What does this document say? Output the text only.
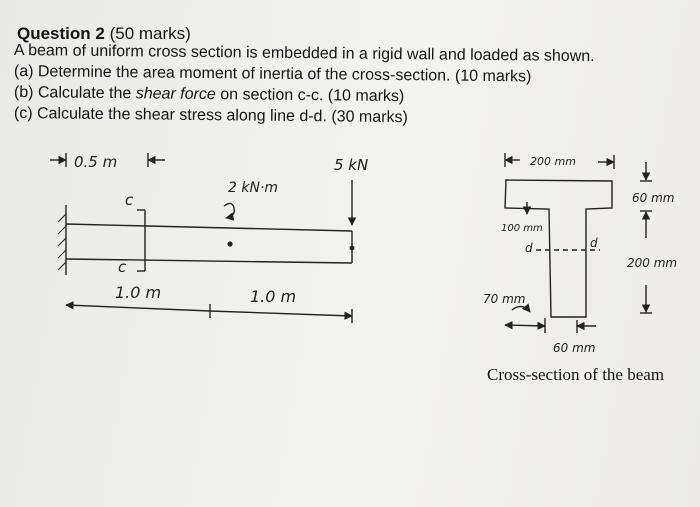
Question 2 (50 marks)
A beam of uniform cross section is embedded in a rigid wall and loaded as shown.
(a) Determine the area moment of inertia of the cross-section. (10 marks)
(b) Calculate the shear force on section c-c. (10 marks)
(c) Calculate the shear stress along line d-d. (30 marks)
0.5 m
c
c
2 kN·m
5 kN
1.0 m	1.0 m
200 mm
60 mm
200 mm
100 mm
d	d
70 mm
60 mm
Cross-section of the beam
